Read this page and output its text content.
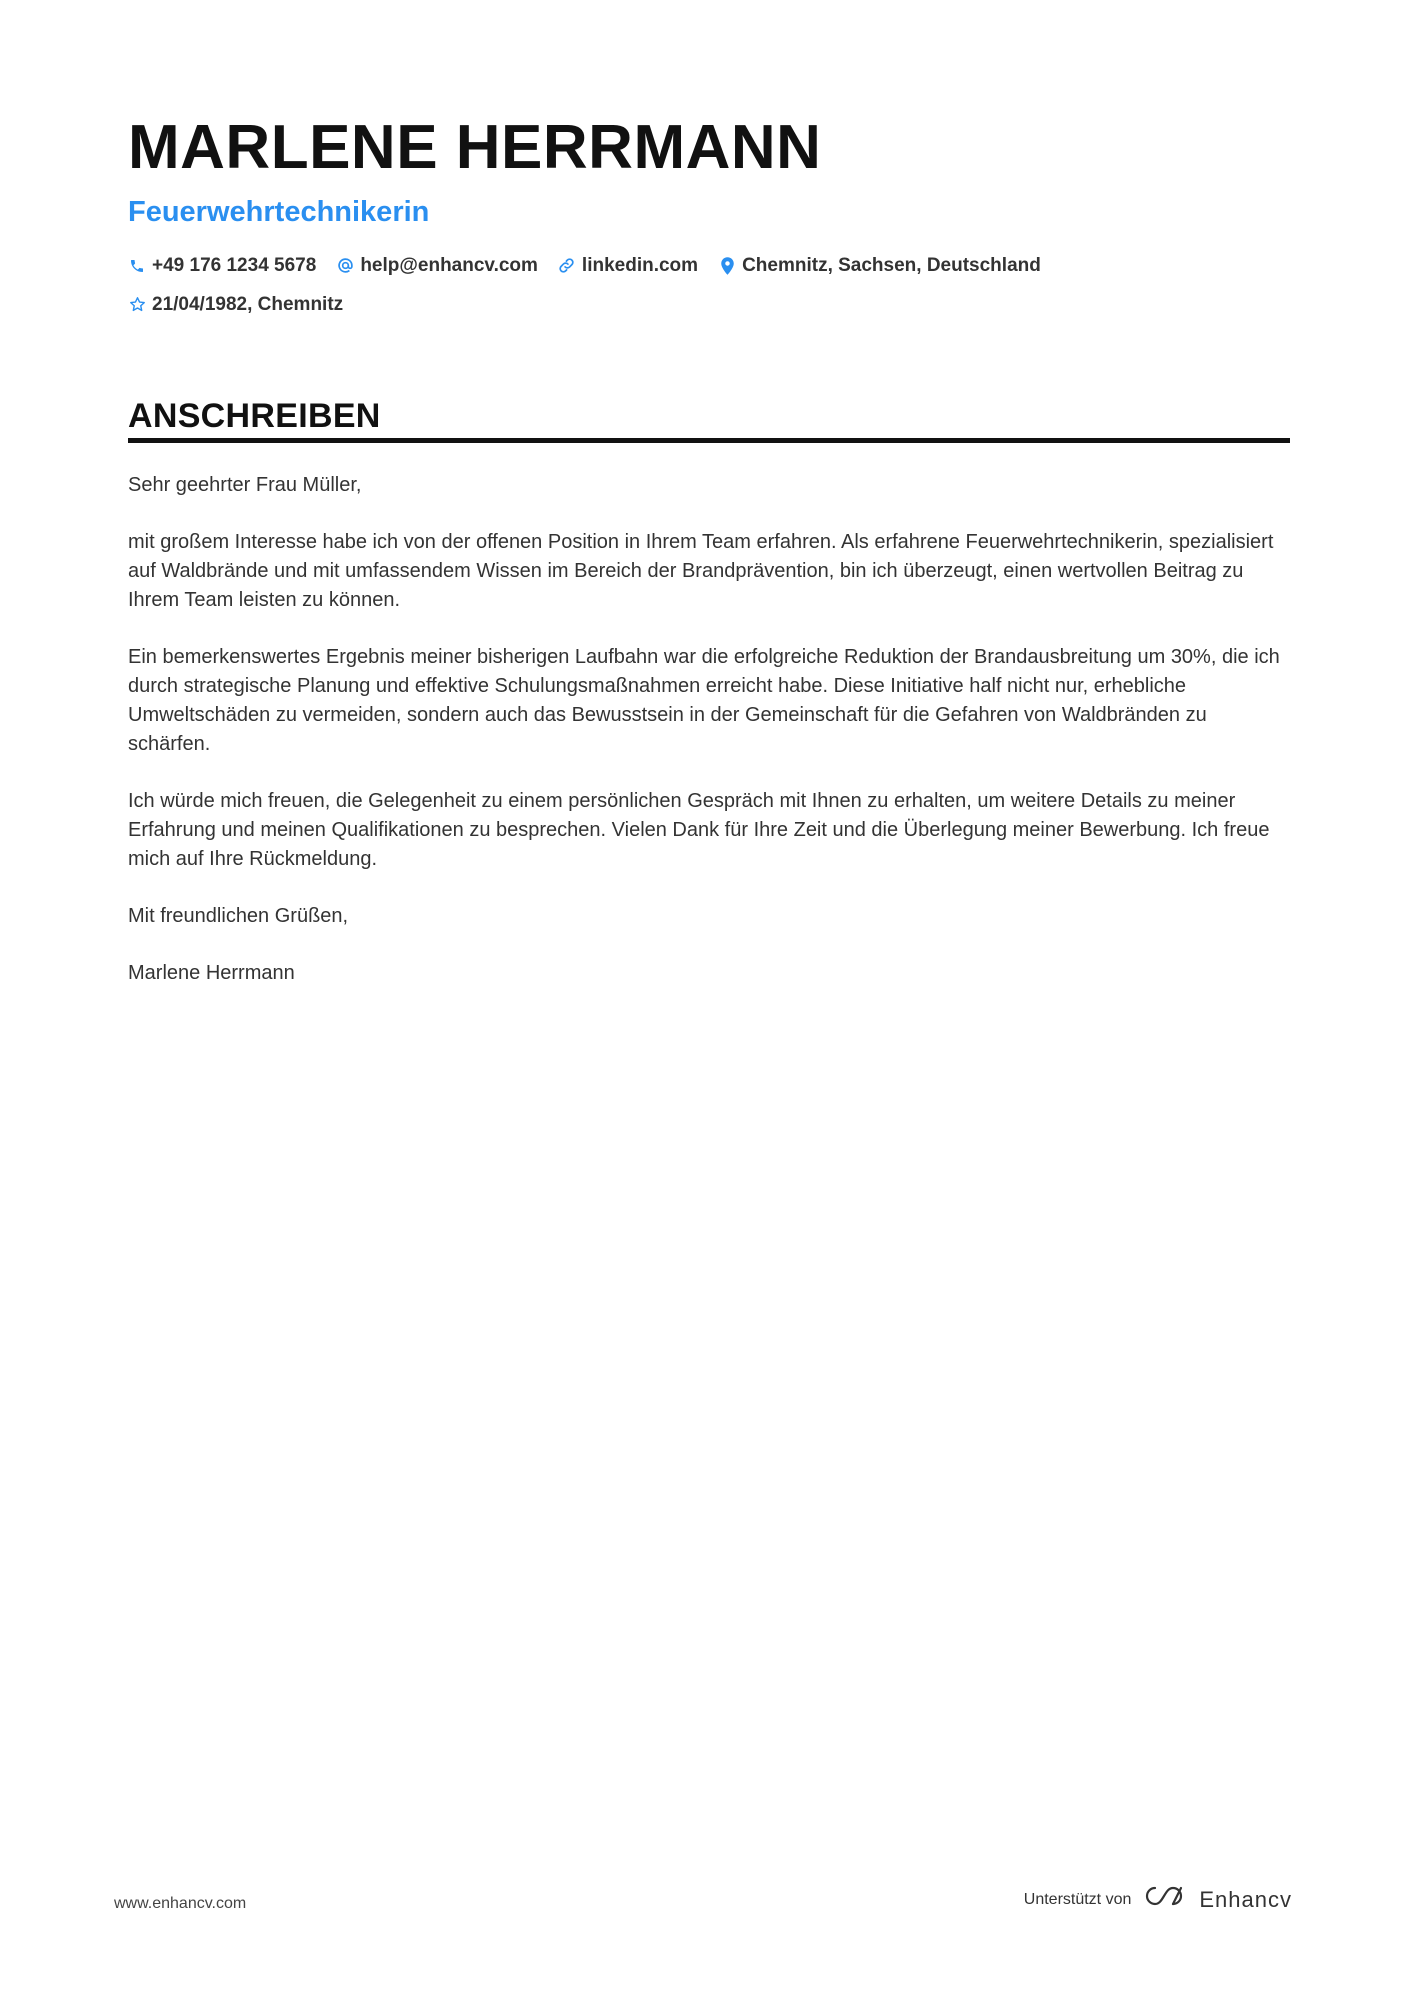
MARLENE HERRMANN
Feuerwehrtechnikerin
+49 176 1234 5678 help@enhancv.com linkedin.com Chemnitz, Sachsen, Deutschland
21/04/1982, Chemnitz
ANSCHREIBEN

Sehr geehrter Frau Müller,

mit großem Interesse habe ich von der offenen Position in Ihrem Team erfahren. Als erfahrene Feuerwehrtechnikerin, spezialisiert auf Waldbrände und mit umfassendem Wissen im Bereich der Brandprävention, bin ich überzeugt, einen wertvollen Beitrag zu Ihrem Team leisten zu können.

Ein bemerkenswertes Ergebnis meiner bisherigen Laufbahn war die erfolgreiche Reduktion der Brandausbreitung um 30%, die ich durch strategische Planung und effektive Schulungsmaßnahmen erreicht habe. Diese Initiative half nicht nur, erhebliche Umweltschäden zu vermeiden, sondern auch das Bewusstsein in der Gemeinschaft für die Gefahren von Waldbränden zu schärfen.

Ich würde mich freuen, die Gelegenheit zu einem persönlichen Gespräch mit Ihnen zu erhalten, um weitere Details zu meiner Erfahrung und meinen Qualifikationen zu besprechen. Vielen Dank für Ihre Zeit und die Überlegung meiner Bewerbung. Ich freue mich auf Ihre Rückmeldung.

Mit freundlichen Grüßen,

Marlene Herrmann

www.enhancv.com	Unterstützt von	Enhancv
